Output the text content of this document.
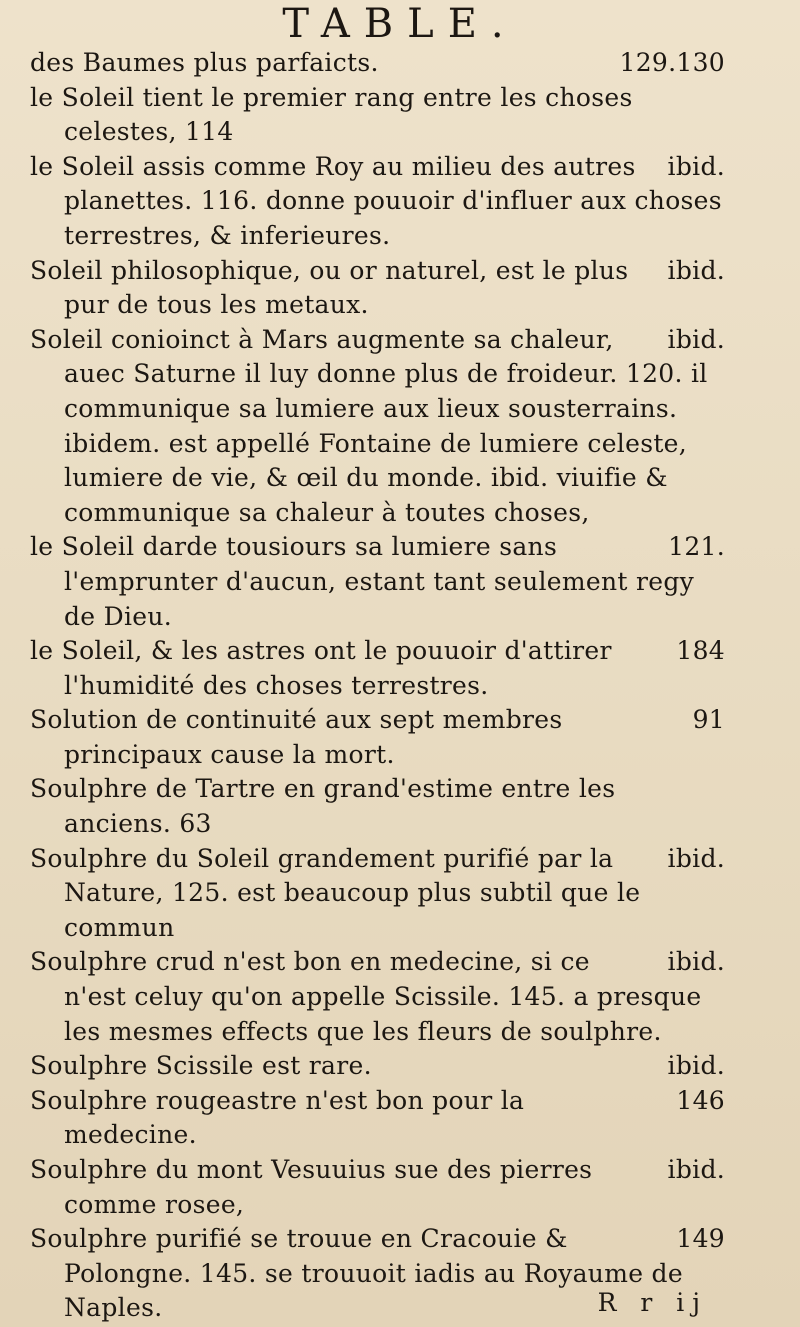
TABLE.
129.130
des Baumes plus parfaicts.
le Soleil tient le premier rang entre les choses celestes, 114
ibid.
le Soleil assis comme Roy au milieu des autres planettes. 116. donne pouuoir d'influer aux choses terrestres, & inferieures.
ibid.
Soleil philosophique, ou or naturel, est le plus pur de tous les metaux.
ibid.
Soleil conioinct à Mars augmente sa chaleur, auec Saturne il luy donne plus de froideur. 120. il communique sa lumiere aux lieux sousterrains. ibidem. est appellé Fontaine de lumiere celeste, lumiere de vie, & œil du monde. ibid. viuifie & communique sa chaleur à toutes choses,
121.
le Soleil darde tousiours sa lumiere sans l'emprunter d'aucun, estant tant seulement regy de Dieu.
184
le Soleil, & les astres ont le pouuoir d'attirer l'humidité des choses terrestres.
91
Solution de continuité aux sept membres principaux cause la mort.
Soulphre de Tartre en grand'estime entre les anciens. 63
ibid.
Soulphre du Soleil grandement purifié par la Nature, 125. est beaucoup plus subtil que le commun
ibid.
Soulphre crud n'est bon en medecine, si ce n'est celuy qu'on appelle Scissile. 145. a presque les mesmes effects que les fleurs de soulphre.
ibid.
Soulphre Scissile est rare.
146
Soulphre rougeastre n'est bon pour la medecine.
ibid.
Soulphre du mont Vesuuius sue des pierres comme rosee,
149
Soulphre purifié se trouue en Cracouie & Polongne. 145. se trouuoit iadis au Royaume de Naples.	R r ij
